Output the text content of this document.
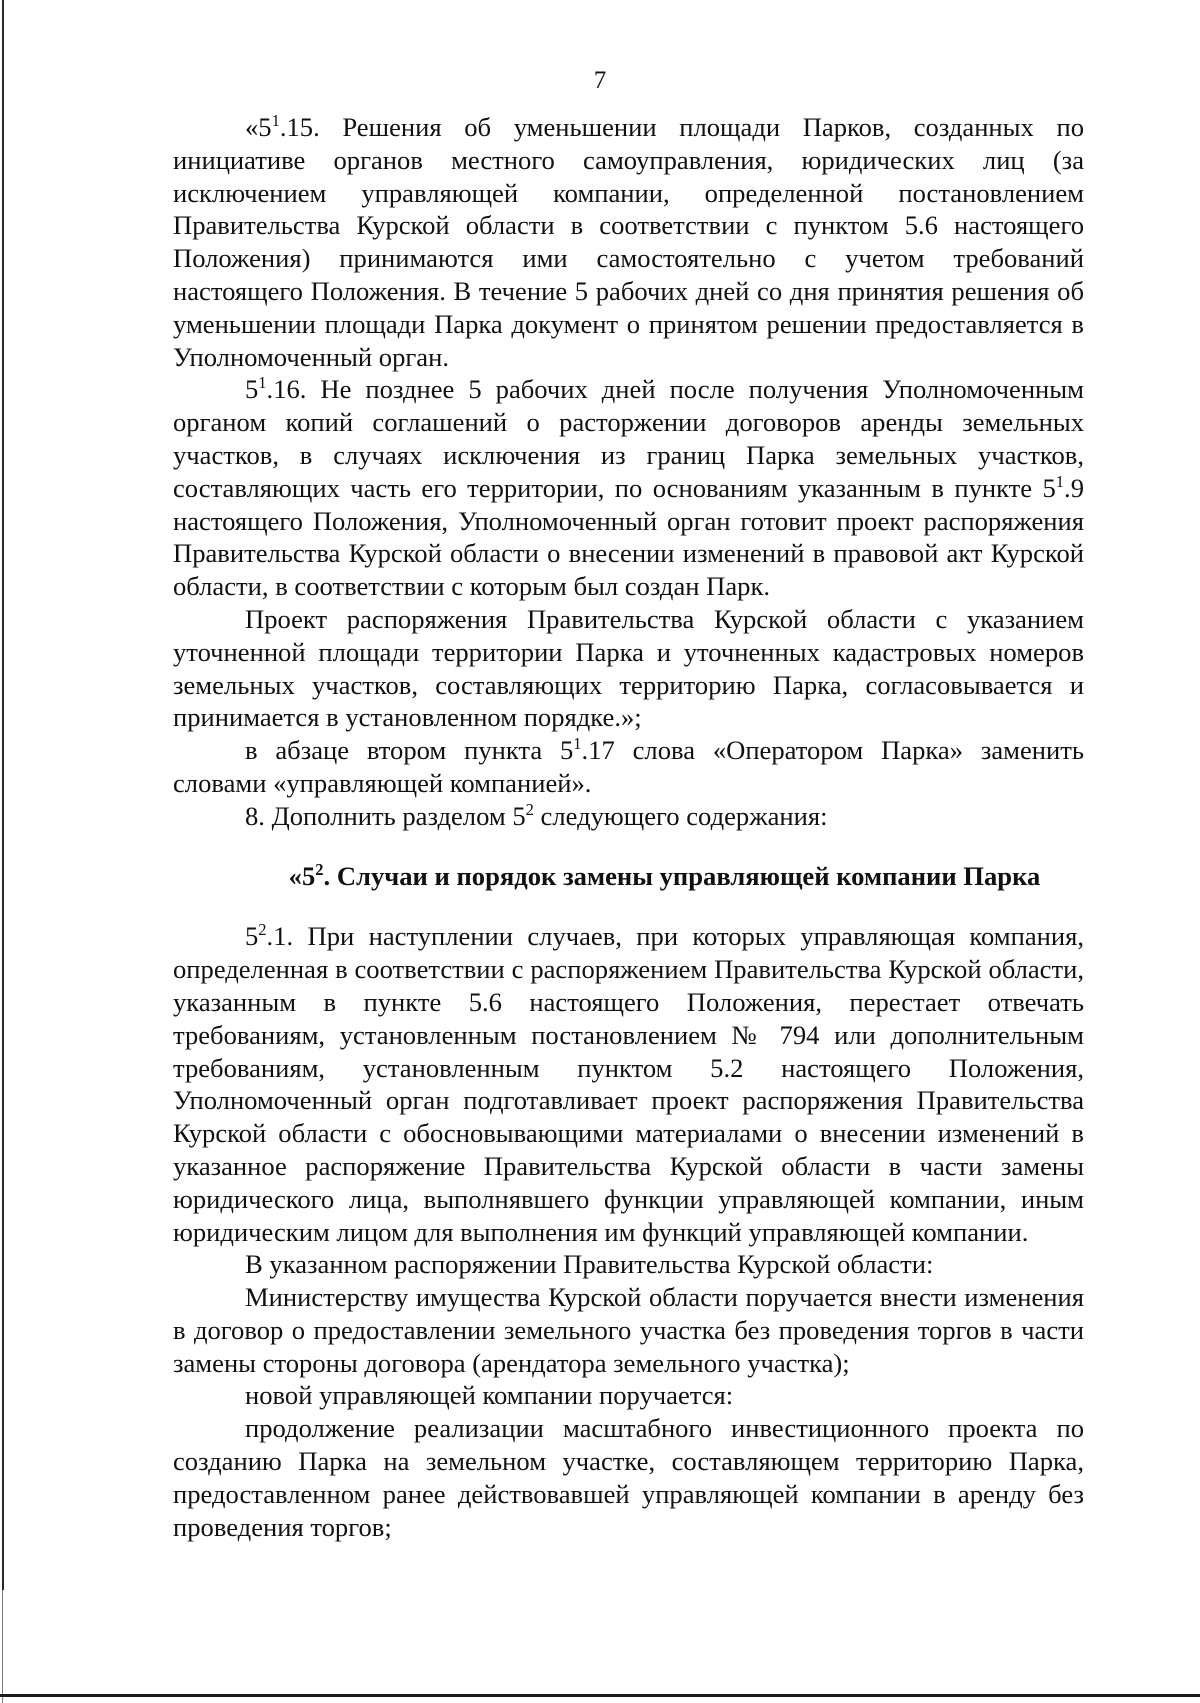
7

«$5^1.15$. Решения об уменьшении площади Парков, созданных по инициативе органов местного самоуправления, юридических лиц (за исключением управляющей компании, определенной постановлением Правительства Курской области в соответствии с пунктом 5.6 настоящего Положения) принимаются ими самостоятельно с учетом требований настоящего Положения. В течение 5 рабочих дней со дня принятия решения об уменьшении площади Парка документ о принятом решении предоставляется в Уполномоченный орган.

$5^1.16$. Не позднее 5 рабочих дней после получения Уполномоченным органом копий соглашений о расторжении договоров аренды земельных участков, в случаях исключения из границ Парка земельных участков, составляющих часть его территории, по основаниям указанным в пункте $5^1.9$ настоящего Положения, Уполномоченный орган готовит проект распоряжения Правительства Курской области о внесении изменений в правовой акт Курской области, в соответствии с которым был создан Парк.

Проект распоряжения Правительства Курской области с указанием уточненной площади территории Парка и уточненных кадастровых номеров земельных участков, составляющих территорию Парка, согласовывается и принимается в установленном порядке.»;

в абзаце втором пункта $5^1.17$ слова «Оператором Парка» заменить словами «управляющей компанией».

8. Дополнить разделом $5^2$ следующего содержания:

«$5^2$. Случаи и порядок замены управляющей компании Парка

$5^2.1$. При наступлении случаев, при которых управляющая компания, определенная в соответствии с распоряжением Правительства Курской области, указанным в пункте 5.6 настоящего Положения, перестает отвечать требованиям, установленным постановлением № 794 или дополнительным требованиям, установленным пунктом 5.2 настоящего Положения, Уполномоченный орган подготавливает проект распоряжения Правительства Курской области с обосновывающими материалами о внесении изменений в указанное распоряжение Правительства Курской области в части замены юридического лица, выполнявшего функции управляющей компании, иным юридическим лицом для выполнения им функций управляющей компании.

В указанном распоряжении Правительства Курской области:

Министерству имущества Курской области поручается внести изменения в договор о предоставлении земельного участка без проведения торгов в части замены стороны договора (арендатора земельного участка);

новой управляющей компании поручается:

продолжение реализации масштабного инвестиционного проекта по созданию Парка на земельном участке, составляющем территорию Парка, предоставленном ранее действовавшей управляющей компании в аренду без проведения торгов;
